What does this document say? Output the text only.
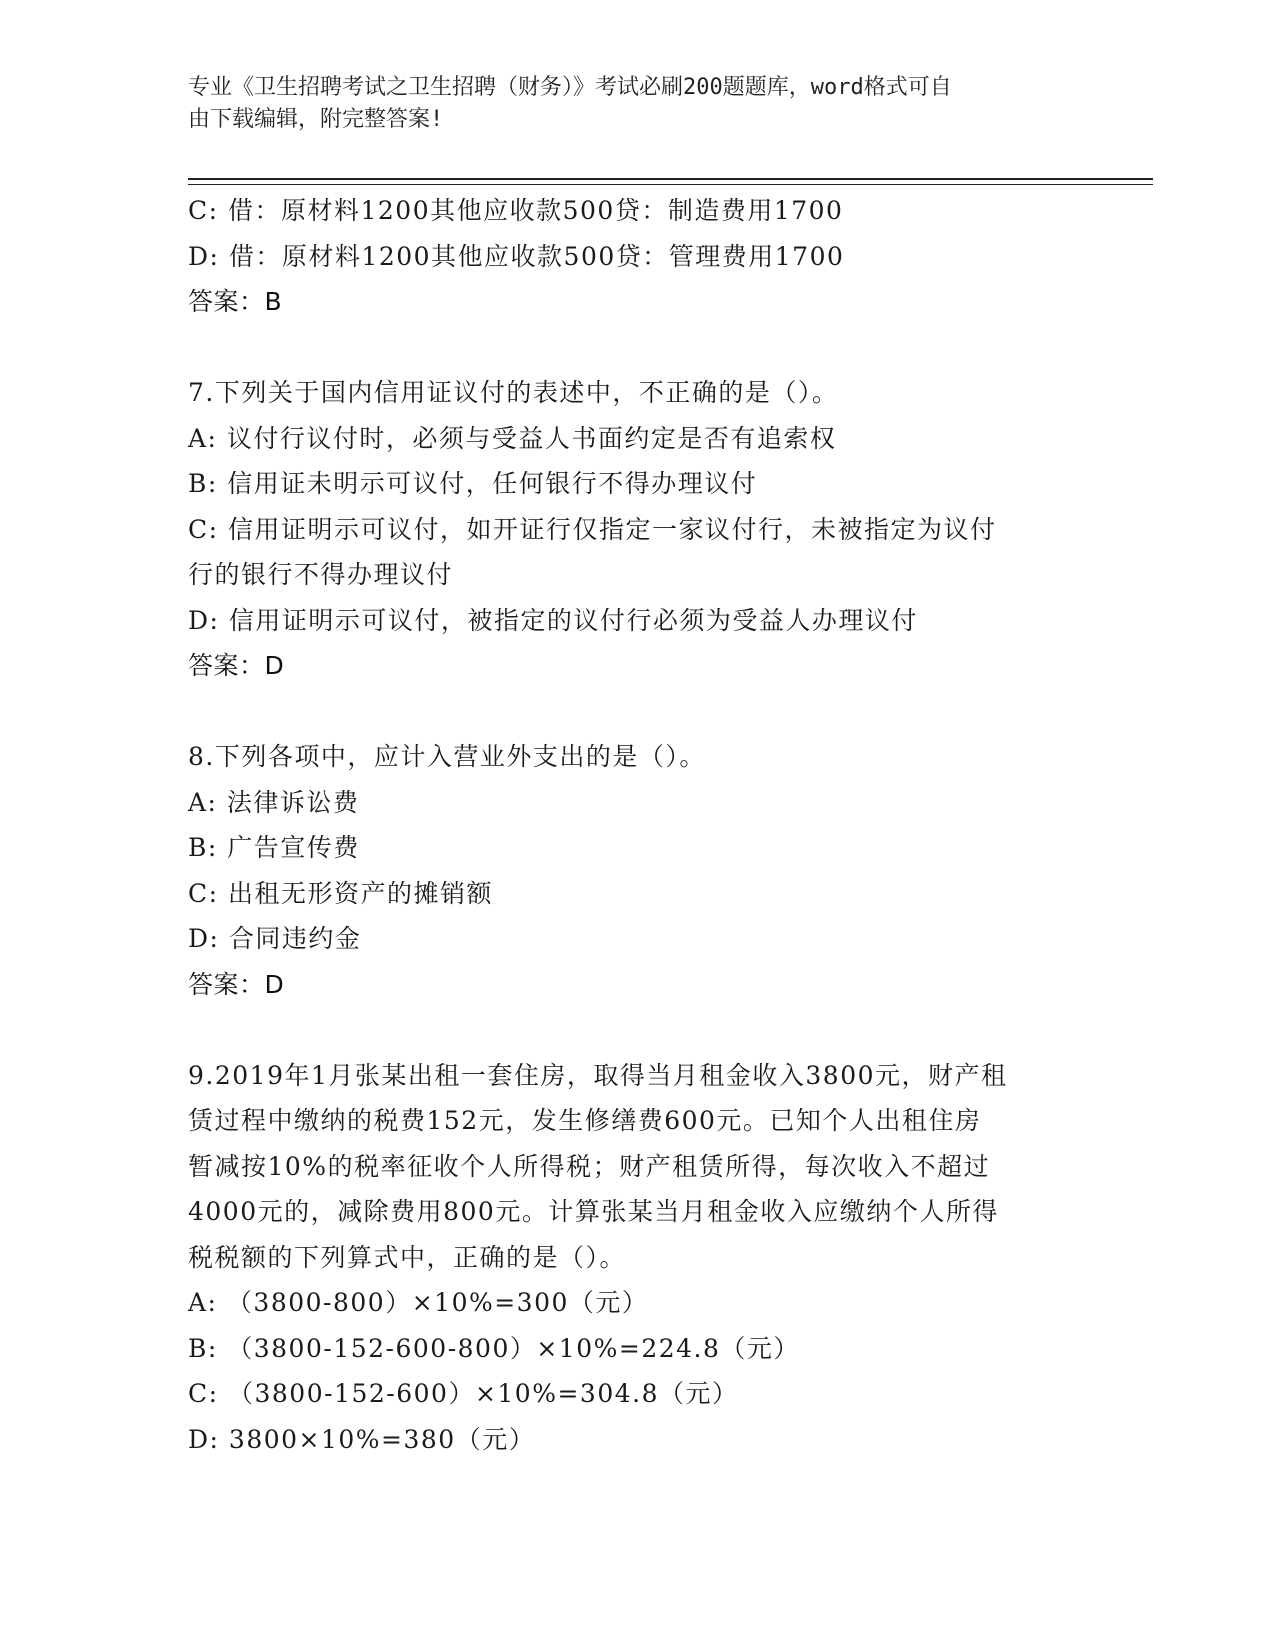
专业《卫生招聘考试之卫生招聘（财务）》考试必刷200题题库，word格式可自
由下载编辑，附完整答案!
C: 借：原材料1200其他应收款500贷：制造费用1700
D: 借：原材料1200其他应收款500贷：管理费用1700
答案：B
7.下列关于国内信用证议付的表述中，不正确的是（）。
A: 议付行议付时，必须与受益人书面约定是否有追索权
B: 信用证未明示可议付，任何银行不得办理议付
C: 信用证明示可议付，如开证行仅指定一家议付行，未被指定为议付
行的银行不得办理议付
D: 信用证明示可议付，被指定的议付行必须为受益人办理议付
答案：D
8.下列各项中，应计入营业外支出的是（）。
A: 法律诉讼费
B: 广告宣传费
C: 出租无形资产的摊销额
D: 合同违约金
答案：D
9.2019年1月张某出租一套住房，取得当月租金收入3800元，财产租
赁过程中缴纳的税费152元，发生修缮费600元。已知个人出租住房
暂减按10%的税率征收个人所得税；财产租赁所得，每次收入不超过
4000元的，减除费用800元。计算张某当月租金收入应缴纳个人所得
税税额的下列算式中，正确的是（）。
A: （3800-800）×10%=300（元）
B: （3800-152-600-800）×10%=224.8（元）
C: （3800-152-600）×10%=304.8（元）
D: 3800×10%=380（元）
